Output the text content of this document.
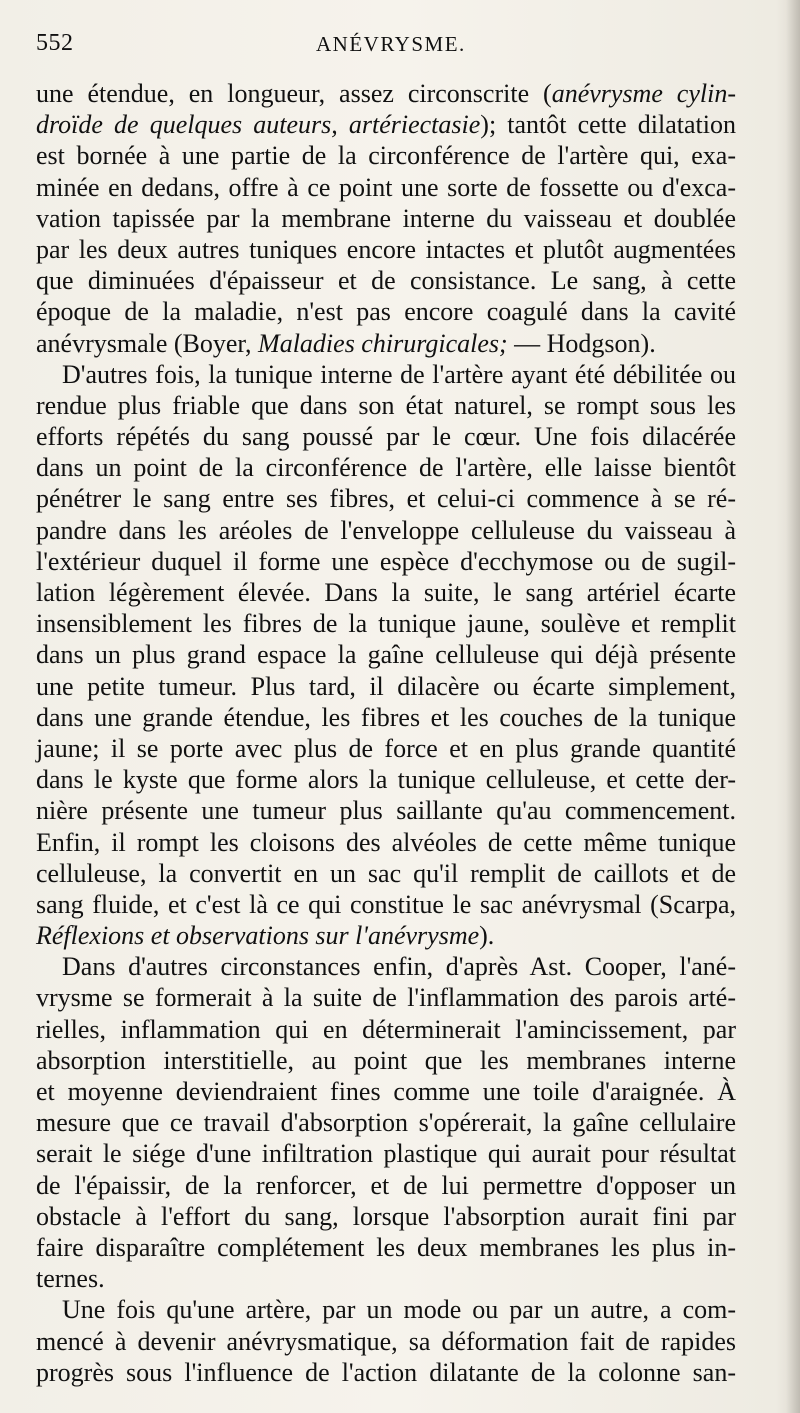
552	ANÉVRYSME.
une étendue, en longueur, assez circonscrite (anévrysme cylin-
droïde de quelques auteurs, artériectasie); tantôt cette dilatation
est bornée à une partie de la circonférence de l'artère qui, exa-
minée en dedans, offre à ce point une sorte de fossette ou d'exca-
vation tapissée par la membrane interne du vaisseau et doublée
par les deux autres tuniques encore intactes et plutôt augmentées
que diminuées d'épaisseur et de consistance. Le sang, à cette
époque de la maladie, n'est pas encore coagulé dans la cavité
anévrysmale (Boyer, Maladies chirurgicales; — Hodgson).
D'autres fois, la tunique interne de l'artère ayant été débilitée ou
rendue plus friable que dans son état naturel, se rompt sous les
efforts répétés du sang poussé par le cœur. Une fois dilacérée
dans un point de la circonférence de l'artère, elle laisse bientôt
pénétrer le sang entre ses fibres, et celui-ci commence à se ré-
pandre dans les aréoles de l'enveloppe celluleuse du vaisseau à
l'extérieur duquel il forme une espèce d'ecchymose ou de sugil-
lation légèrement élevée. Dans la suite, le sang artériel écarte
insensiblement les fibres de la tunique jaune, soulève et remplit
dans un plus grand espace la gaîne celluleuse qui déjà présente
une petite tumeur. Plus tard, il dilacère ou écarte simplement,
dans une grande étendue, les fibres et les couches de la tunique
jaune; il se porte avec plus de force et en plus grande quantité
dans le kyste que forme alors la tunique celluleuse, et cette der-
nière présente une tumeur plus saillante qu'au commencement.
Enfin, il rompt les cloisons des alvéoles de cette même tunique
celluleuse, la convertit en un sac qu'il remplit de caillots et de
sang fluide, et c'est là ce qui constitue le sac anévrysmal (Scarpa,
Réflexions et observations sur l'anévrysme).
Dans d'autres circonstances enfin, d'après Ast. Cooper, l'ané-
vrysme se formerait à la suite de l'inflammation des parois arté-
rielles, inflammation qui en déterminerait l'amincissement, par
absorption interstitielle, au point que les membranes interne
et moyenne deviendraient fines comme une toile d'araignée. À
mesure que ce travail d'absorption s'opérerait, la gaîne cellulaire
serait le siége d'une infiltration plastique qui aurait pour résultat
de l'épaissir, de la renforcer, et de lui permettre d'opposer un
obstacle à l'effort du sang, lorsque l'absorption aurait fini par
faire disparaître complétement les deux membranes les plus in-
ternes.
Une fois qu'une artère, par un mode ou par un autre, a com-
mencé à devenir anévrysmatique, sa déformation fait de rapides
progrès sous l'influence de l'action dilatante de la colonne san-
